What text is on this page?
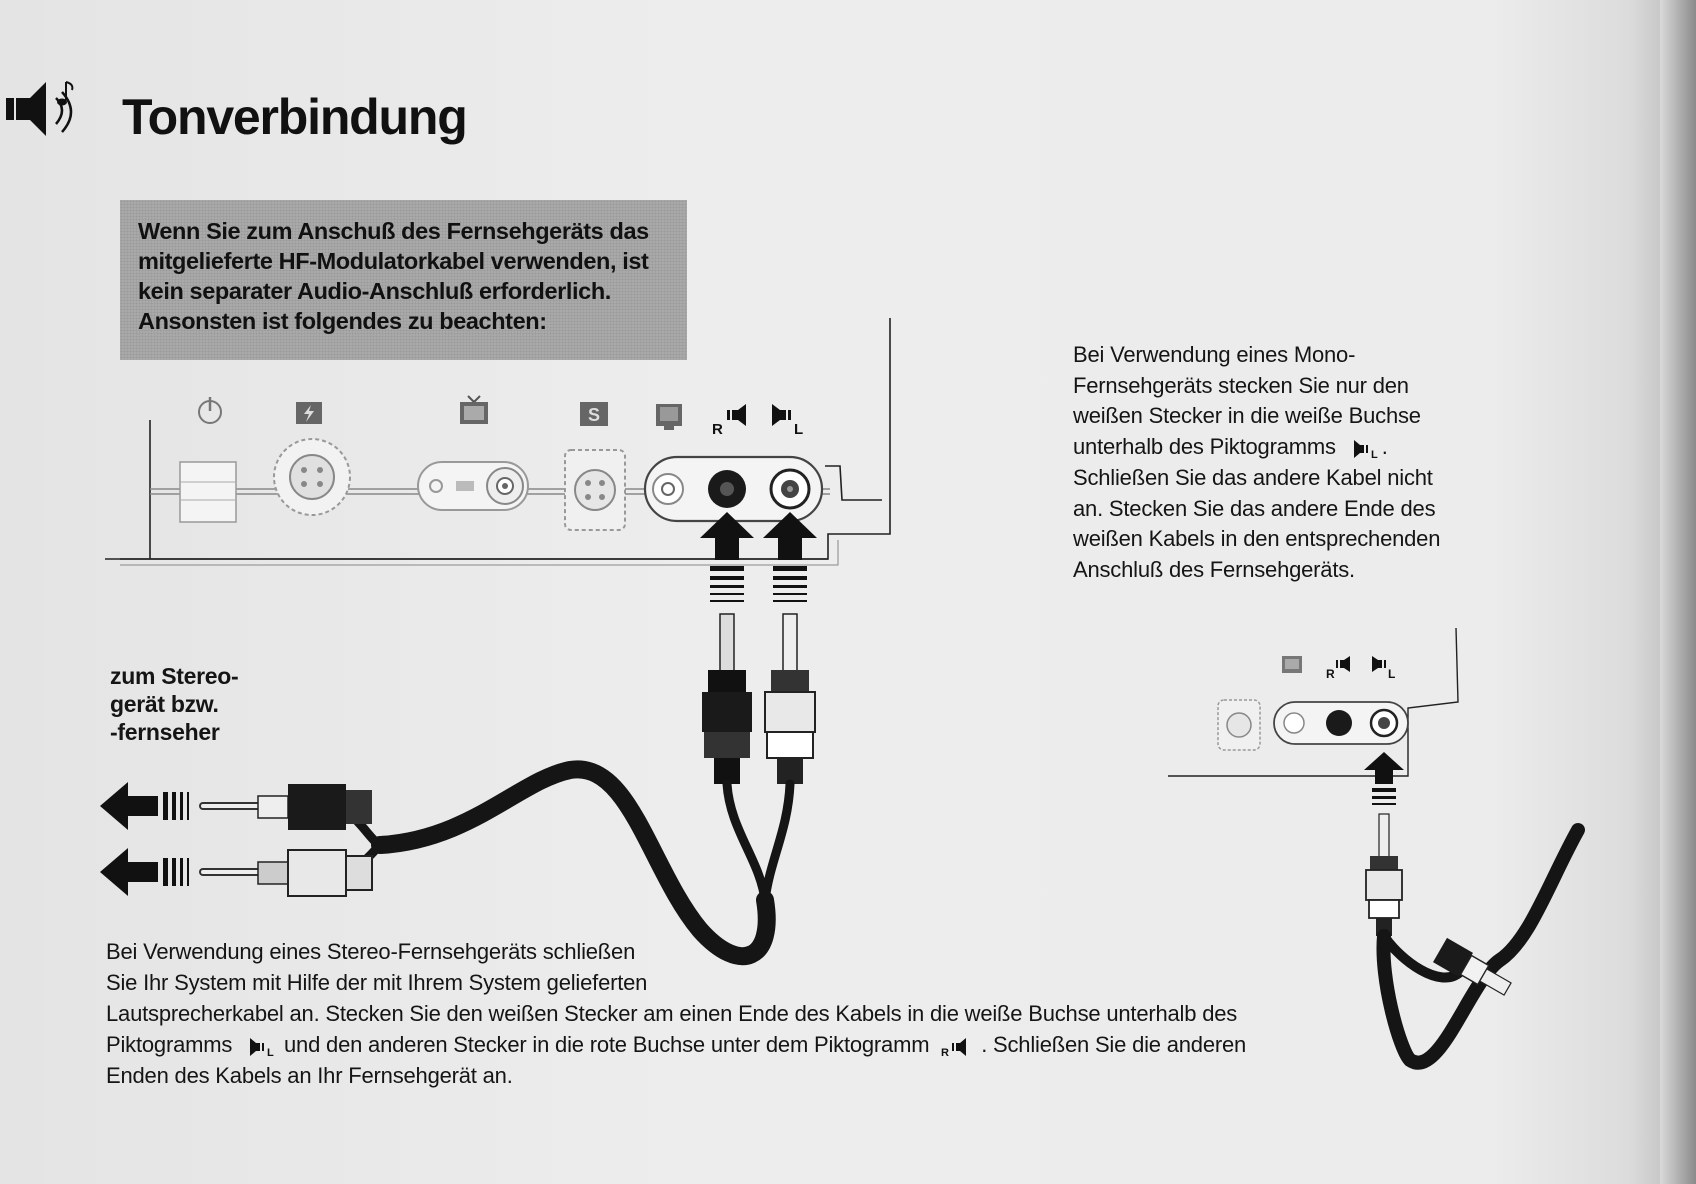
Tonverbindung
Wenn Sie zum Anschuß des Fernsehgeräts das
mitgelieferte HF-Modulatorkabel verwenden, ist
kein separater Audio-Anschluß erforderlich.
Ansonsten ist folgendes zu beachten:
S
R	L
R	L
Bei Verwendung eines Mono-
Fernsehgeräts stecken Sie nur den
weißen Stecker in die weiße Buchse
unterhalb des Piktogramms	L .
Schließen Sie das andere Kabel nicht
an. Stecken Sie das andere Ende des
weißen Kabels in den entsprechenden
Anschluß des Fernsehgeräts.
zum Stereo-
gerät bzw.
-fernseher
Bei Verwendung eines Stereo-Fernsehgeräts schließen
Sie Ihr System mit Hilfe der mit Ihrem System gelieferten
Lautsprecherkabel an. Stecken Sie den weißen Stecker am einen Ende des Kabels in die weiße Buchse unterhalb des
Piktogramms	L und den anderen Stecker in die rote Buchse unter dem Piktogramm R . Schließen Sie die anderen
Enden des Kabels an Ihr Fernsehgerät an.
